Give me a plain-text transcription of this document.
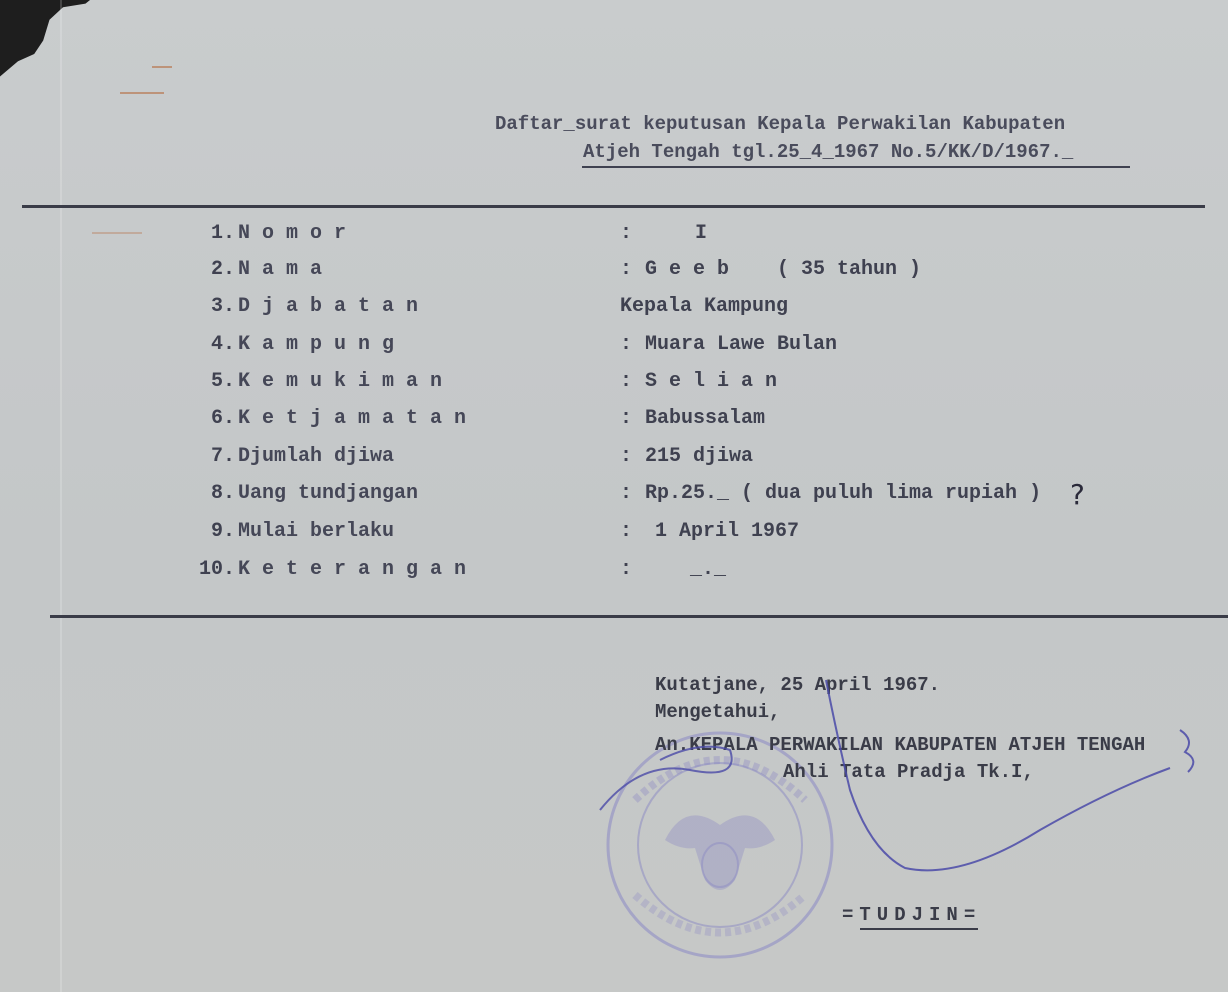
Daftar_surat keputusan Kepala Perwakilan Kabupaten
Atjeh Tengah tgl.25_4_1967 No.5/KK/D/1967._
1. N o m o r	:	I
2. N a m a	: G e e b    ( 35 tahun )
3. D j a b a t a n	Kepala Kampung
4. K a m p u n g	: Muara Lawe Bulan
5. K e m u k i m a n	: S e l i a n
6. K e t j a m a t a n	: Babussalam
7. Djumlah djiwa	: 215 djiwa
8. Uang tundjangan	: Rp.25._ ( dua puluh lima rupiah )
9. Mulai berlaku	: 1 April 1967
10. K e t e r a n g a n	:	_._
?
Kutatjane, 25 April 1967.
Mengetahui,

An.KEPALA PERWAKILAN KABUPATEN ATJEH TENGAH
Ahli Tata Pradja Tk.I,
=TUDJIN=
